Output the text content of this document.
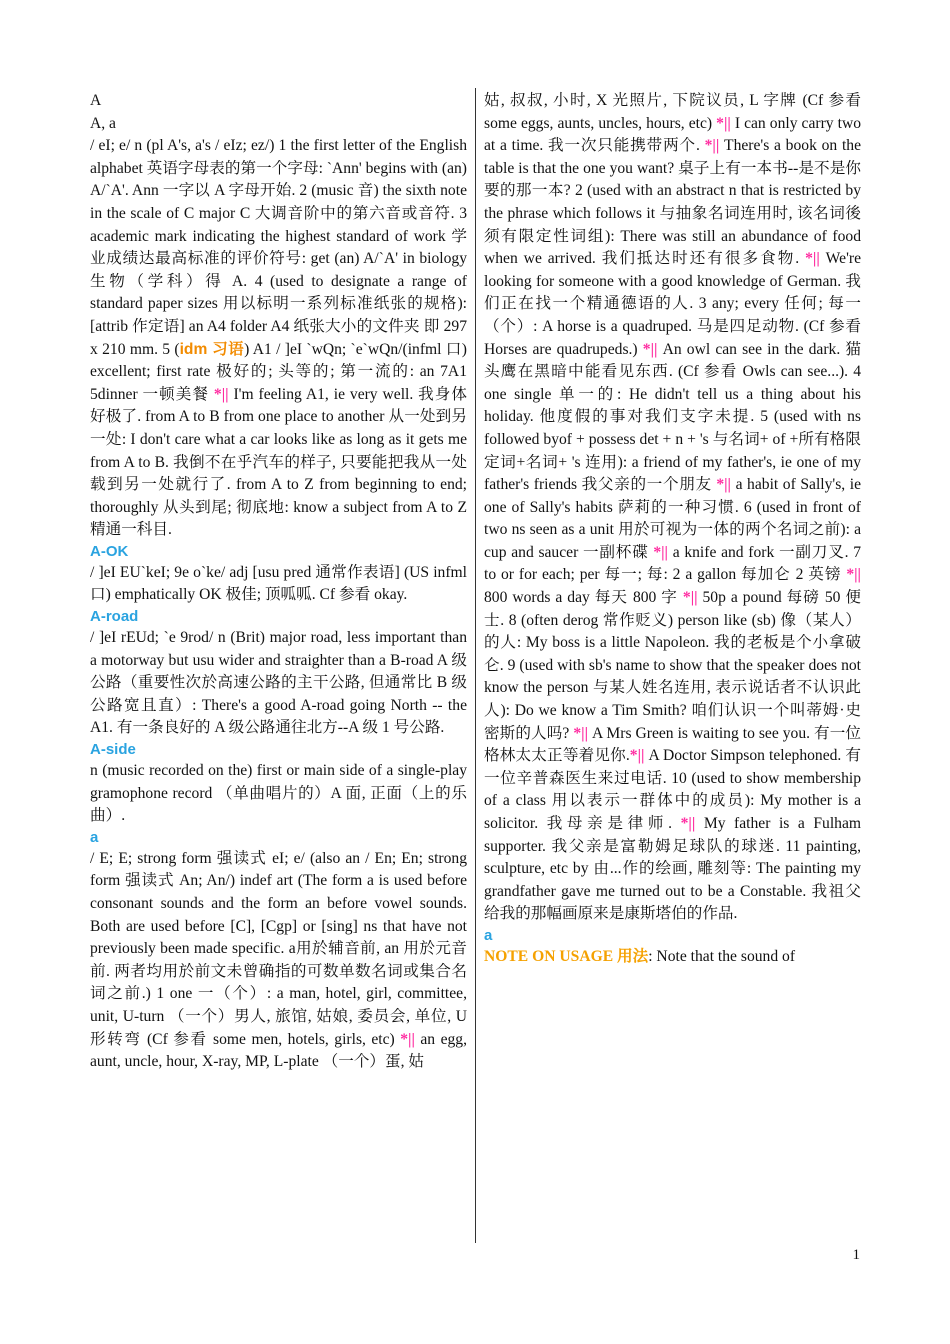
A
A, a

/ eI; e/ n (pl A's, a's / eIz; ez/) 1 the first letter of the English alphabet 英语字母表的第一个字母: `Ann' begins with (an) A/`A'. Ann 一字以 A 字母开始. 2 (music 音) the sixth note in the scale of C major C 大调音阶中的第六音或音符. 3 academic mark indicating the highest standard of work 学业成绩达最高标准的评价符号: get (an) A/`A' in biology 生物（学科）得 A. 4 (used to designate a range of standard paper sizes 用以标明一系列标准纸张的规格): [attrib 作定语] an A4 folder A4 纸张大小的文件夹 即 297 x 210 mm. 5 (idm 习语) A1 / ]eI `wQn; `e`wQn/(infml 口) excellent; first rate 极好的; 头等的; 第一流的: an 7A1 5dinner 一顿美餐 *|| I'm feeling A1, ie very well. 我身体好极了. from A to B from one place to another 从一处到另一处: I don't care what a car looks like as long as it gets me from A to B. 我倒不在乎汽车的样子, 只要能把我从一处载到另一处就行了. from A to Z from beginning to end; thoroughly 从头到尾; 彻底地: know a subject from A to Z 精通一科目.

A-OK

/ ]eI EU`keI; 9e o`ke/ adj [usu pred 通常作表语] (US infml 口) emphatically OK 极佳; 顶呱呱. Cf 参看 okay.

A-road

/ ]eI rEUd; `e 9rod/ n (Brit) major road, less important than a motorway but usu wider and straighter than a B-road A 级公路（重要性次於高速公路的主干公路, 但通常比 B 级公路宽且直）: There's a good A-road going North -- the A1. 有一条良好的 A 级公路通往北方--A 级 1 号公路.

A-side

n (music recorded on the) first or main side of a single-play gramophone record （单曲唱片的）A 面, 正面（上的乐曲）.

a

/ E; E; strong form 强读式 eI; e/ (also an / En; En; strong form 强读式 An; An/) indef art (The form a is used before consonant sounds and the form an before vowel sounds. Both are used before [C], [Cgp] or [sing] ns that have not previously been made specific. a用於辅音前, an 用於元音前. 两者均用於前文未曾确指的可数单数名词或集合名词之前.) 1 one 一（个）: a man, hotel, girl, committee, unit, U-turn （一个）男人, 旅馆, 姑娘, 委员会, 单位, U 形转弯 (Cf 参看 some men, hotels, girls, etc) *|| an egg, aunt, uncle, hour, X-ray, MP, L-plate （一个）蛋, 姑

姑, 叔叔, 小时, X 光照片, 下院议员, L 字牌 (Cf 参看 some eggs, aunts, uncles, hours, etc) *|| I can only carry two at a time. 我一次只能携带两个. *|| There's a book on the table is that the one you want? 桌子上有一本书--是不是你要的那一本? 2 (used with an abstract n that is restricted by the phrase which follows it 与抽象名词连用时, 该名词後须有限定性词组): There was still an abundance of food when we arrived. 我们抵达时还有很多食物. *|| We're looking for someone with a good knowledge of German. 我们正在找一个精通德语的人. 3 any; every 任何; 每一（个）: A horse is a quadruped. 马是四足动物. (Cf 参看 Horses are quadrupeds.) *|| An owl can see in the dark. 猫头鹰在黑暗中能看见东西. (Cf 参看 Owls can see...). 4 one single 单一的: He didn't tell us a thing about his holiday. 他度假的事对我们支字未提. 5 (used with ns followed byof + possess det + n + 's 与名词+ of +所有格限定词+名词+ 's 连用): a friend of my father's, ie one of my father's friends 我父亲的一个朋友 *|| a habit of Sally's, ie one of Sally's habits 萨莉的一种习惯. 6 (used in front of two ns seen as a unit 用於可视为一体的两个名词之前): a cup and saucer 一副杯碟 *|| a knife and fork 一副刀叉. 7 to or for each; per 每一; 每: 2 a gallon 每加仑 2 英镑 *|| 800 words a day 每天 800 字 *|| 50p a pound 每磅 50 便士. 8 (often derog 常作贬义) person like (sb) 像（某人）的人: My boss is a little Napoleon. 我的老板是个小拿破仑. 9 (used with sb's name to show that the speaker does not know the person 与某人姓名连用, 表示说话者不认识此人): Do we know a Tim Smith? 咱们认识一个叫蒂姆·史密斯的人吗? *|| A Mrs Green is waiting to see you. 有一位格林太太正等着见你.*|| A Doctor Simpson telephoned. 有一位辛普森医生来过电话. 10 (used to show membership of a class 用以表示一群体中的成员): My mother is a solicitor. 我母亲是律师. *|| My father is a Fulham supporter. 我父亲是富勒姆足球队的球迷. 11 painting, sculpture, etc by 由...作的绘画, 雕刻等: The painting my grandfather gave me turned out to be a Constable. 我祖父给我的那幅画原来是康斯塔伯的作品.

a

NOTE ON USAGE 用法: Note that the sound of

1
